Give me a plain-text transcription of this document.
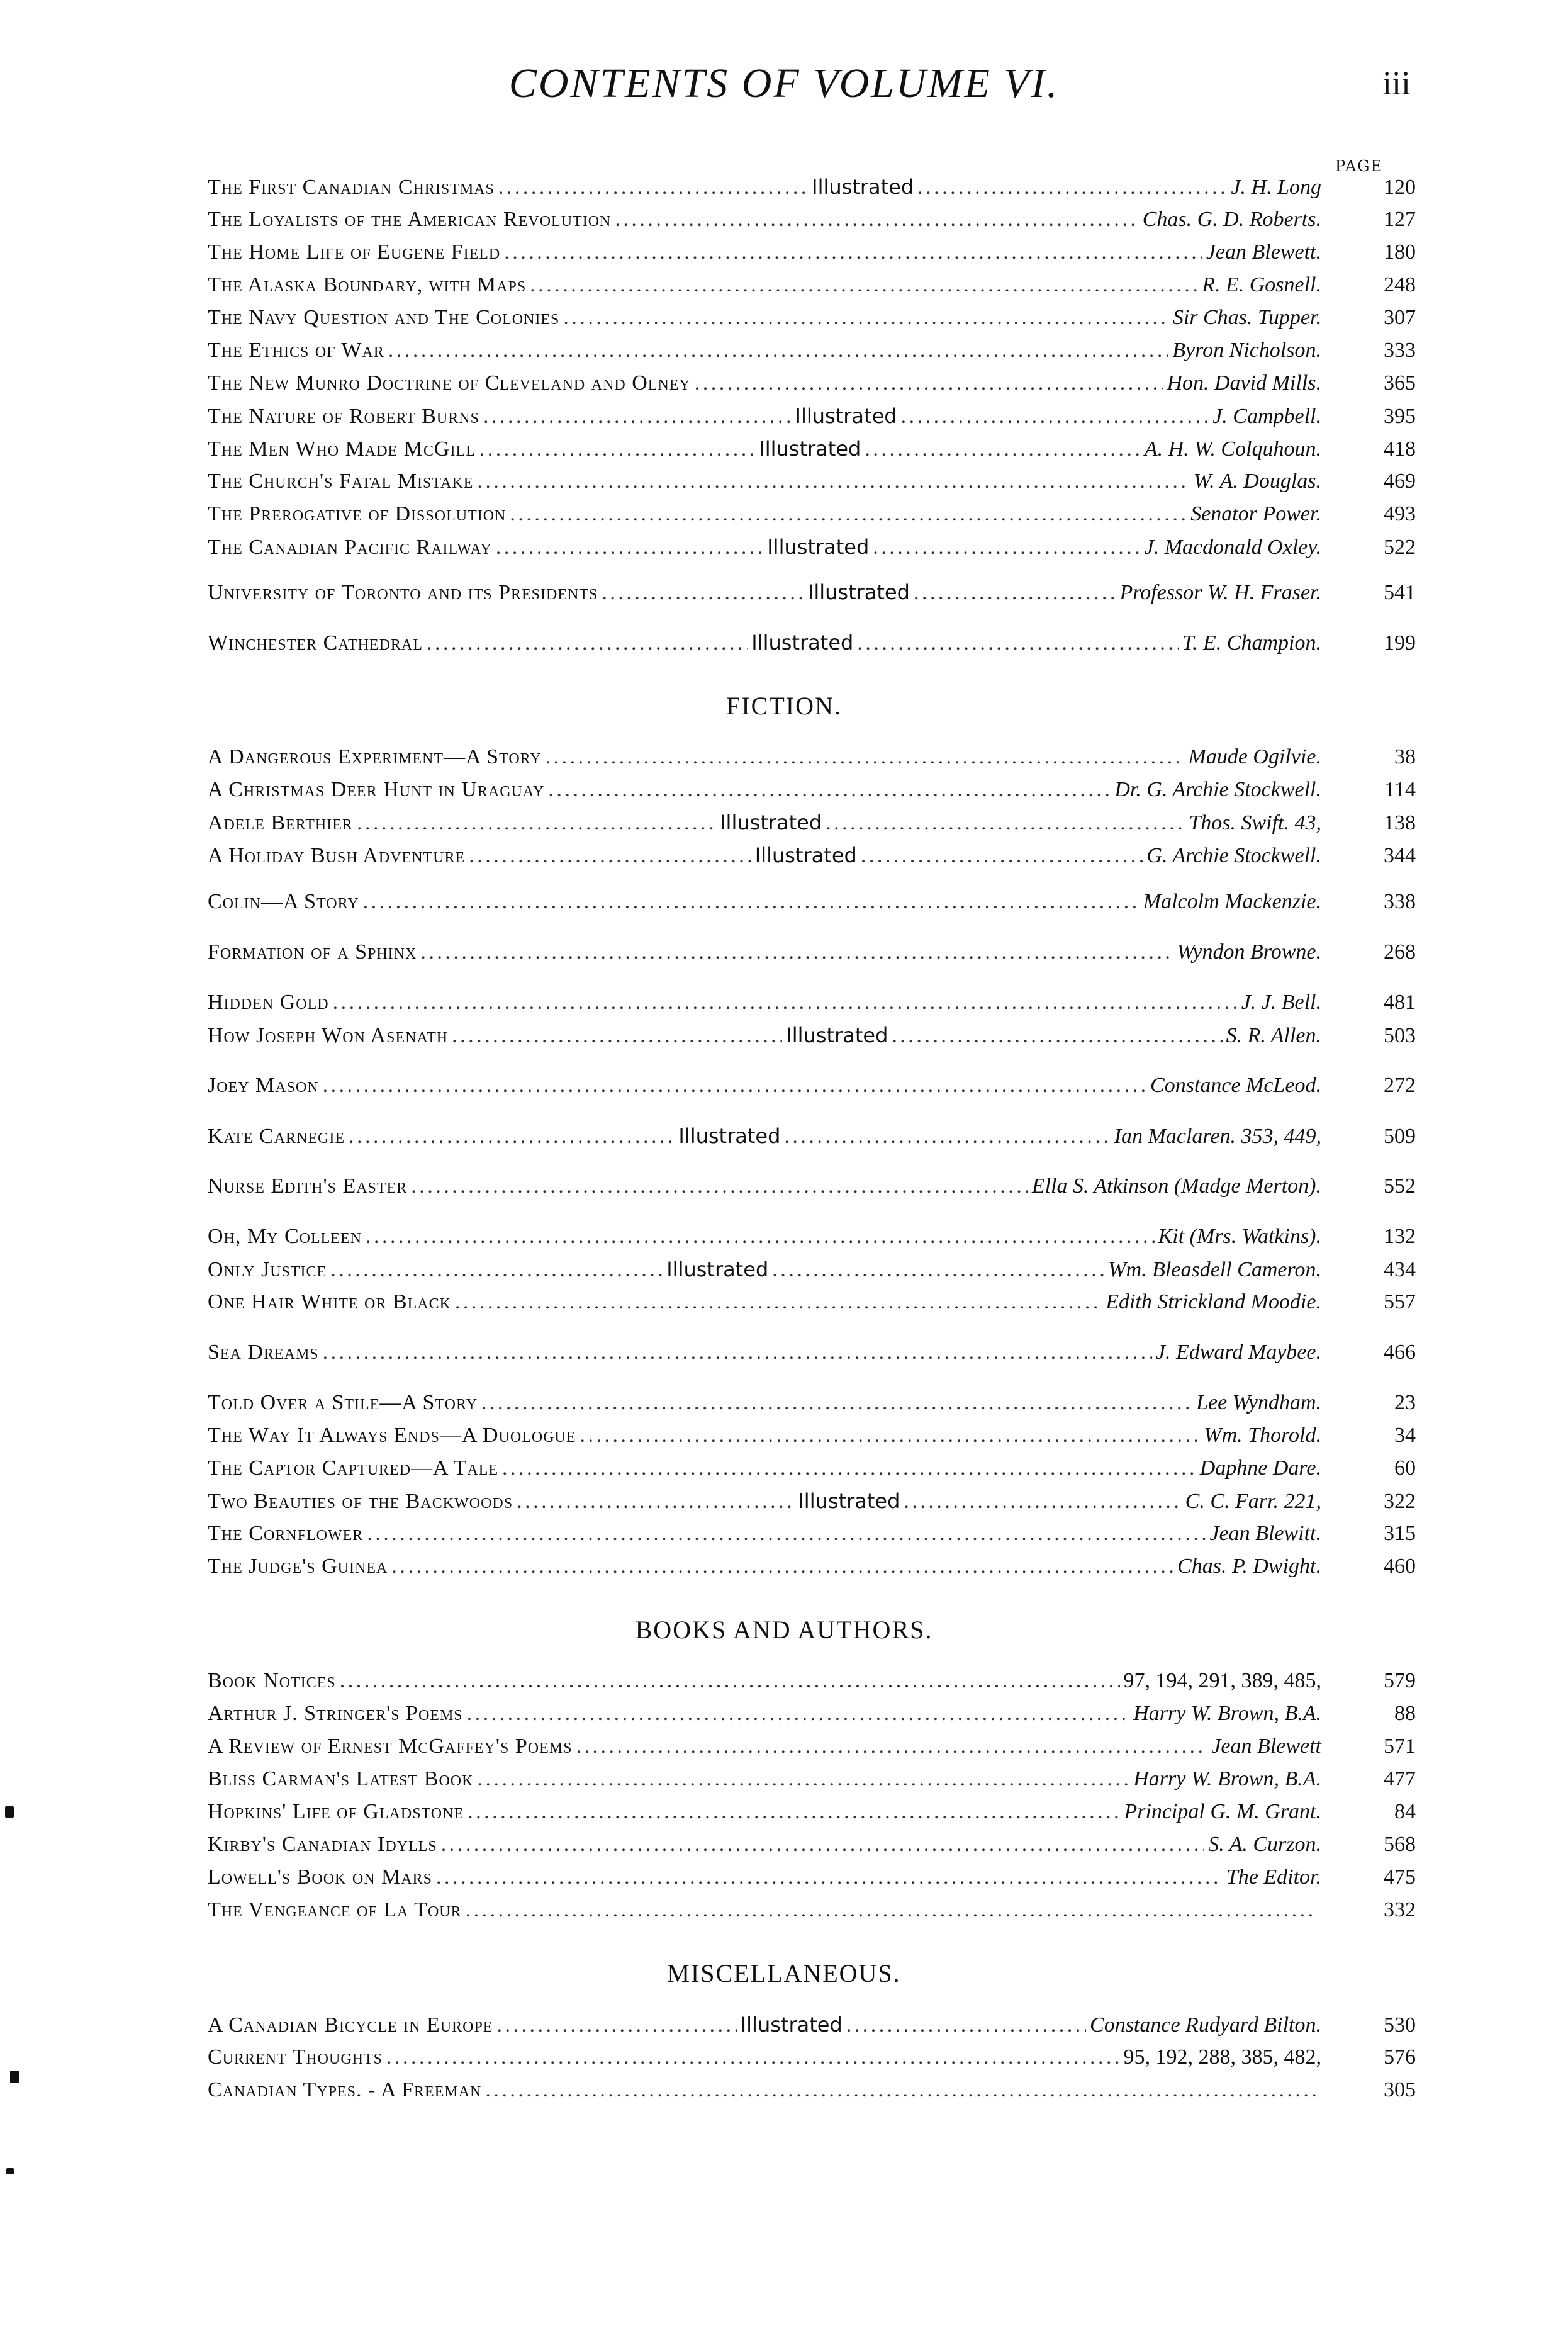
CONTENTS OF VOLUME VI.	iii
PAGE
The First Canadian Christmas . . .	Illustrated . . .	J. H. Long	120
The Loyalists of the American Revolution . . .	Chas. G. D. Roberts.	127
The Home Life of Eugene Field . . .	Jean Blewett.	180
The Alaska Boundary, with Maps . . .	R. E. Gosnell.	248
The Navy Question and The Colonies . . .	Sir Chas. Tupper.	307
The Ethics of War . . .	Byron Nicholson.	333
The New Munro Doctrine of Cleveland and Olney . . .	Hon. David Mills.	365
The Nature of Robert Burns . . .	Illustrated . . .	J. Campbell.	395
The Men Who Made McGill . . .	Illustrated . . .	A. H. W. Colquhoun.	418
The Church's Fatal Mistake . . .	W. A. Douglas.	469
The Prerogative of Dissolution . . .	Senator Power.	493
The Canadian Pacific Railway . . .	Illustrated . . .	J. Macdonald Oxley.	522
University of Toronto and its Presidents . . .	Illustrated . . .	Professor W. H. Fraser.	541
Winchester Cathedral . . .	Illustrated . . .	T. E. Champion.	199
FICTION.
A Dangerous Experiment—A Story . . .	Maude Ogilvie.	38
A Christmas Deer Hunt in Uraguay . . .	Dr. G. Archie Stockwell.	114
Adele Berthier . . .	Illustrated . . .	Thos. Swift. 43,	138
A Holiday Bush Adventure . . .	Illustrated . . .	G. Archie Stockwell.	344
Colin—A Story . . .	Malcolm Mackenzie.	338
Formation of a Sphinx . . .	Wyndon Browne.	268
Hidden Gold . . .	J. J. Bell.	481
How Joseph Won Asenath . . .	Illustrated . . .	S. R. Allen.	503
Joey Mason . . .	Constance McLeod.	272
Kate Carnegie . . .	Illustrated . . .	Ian Maclaren. 353, 449,	509
Nurse Edith's Easter . . .	Ella S. Atkinson (Madge Merton).	552
Oh, My Colleen . . .	Kit (Mrs. Watkins).	132
Only Justice . . .	Illustrated . . .	Wm. Bleasdell Cameron.	434
One Hair White or Black . . .	Edith Strickland Moodie.	557
Sea Dreams . . .	J. Edward Maybee.	466
Told Over a Stile—A Story . . .	Lee Wyndham.	23
The Way It Always Ends—A Duologue . . .	Wm. Thorold.	34
The Captor Captured—A Tale . . .	Daphne Dare.	60
Two Beauties of the Backwoods . . .	Illustrated . . .	C. C. Farr. 221,	322
The Cornflower . . .	Jean Blewitt.	315
The Judge's Guinea . . .	Chas. P. Dwight.	460
BOOKS AND AUTHORS.
Book Notices . . .	97, 194, 291, 389, 485,	579
Arthur J. Stringer's Poems . . .	Harry W. Brown, B.A.	88
A Review of Ernest McGaffey's Poems . . .	Jean Blewett	571
Bliss Carman's Latest Book . . .	Harry W. Brown, B.A.	477
Hopkins' Life of Gladstone . . .	Principal G. M. Grant.	84
Kirby's Canadian Idylls . . .	S. A. Curzon.	568
Lowell's Book on Mars . . .	The Editor.	475
The Vengeance of La Tour . . .	332
MISCELLANEOUS.
A Canadian Bicycle in Europe . . .	Illustrated . . .	Constance Rudyard Bilton.	530
Current Thoughts . . .	95, 192, 288, 385, 482,	576
Canadian Types. - A Freeman . . .	305
